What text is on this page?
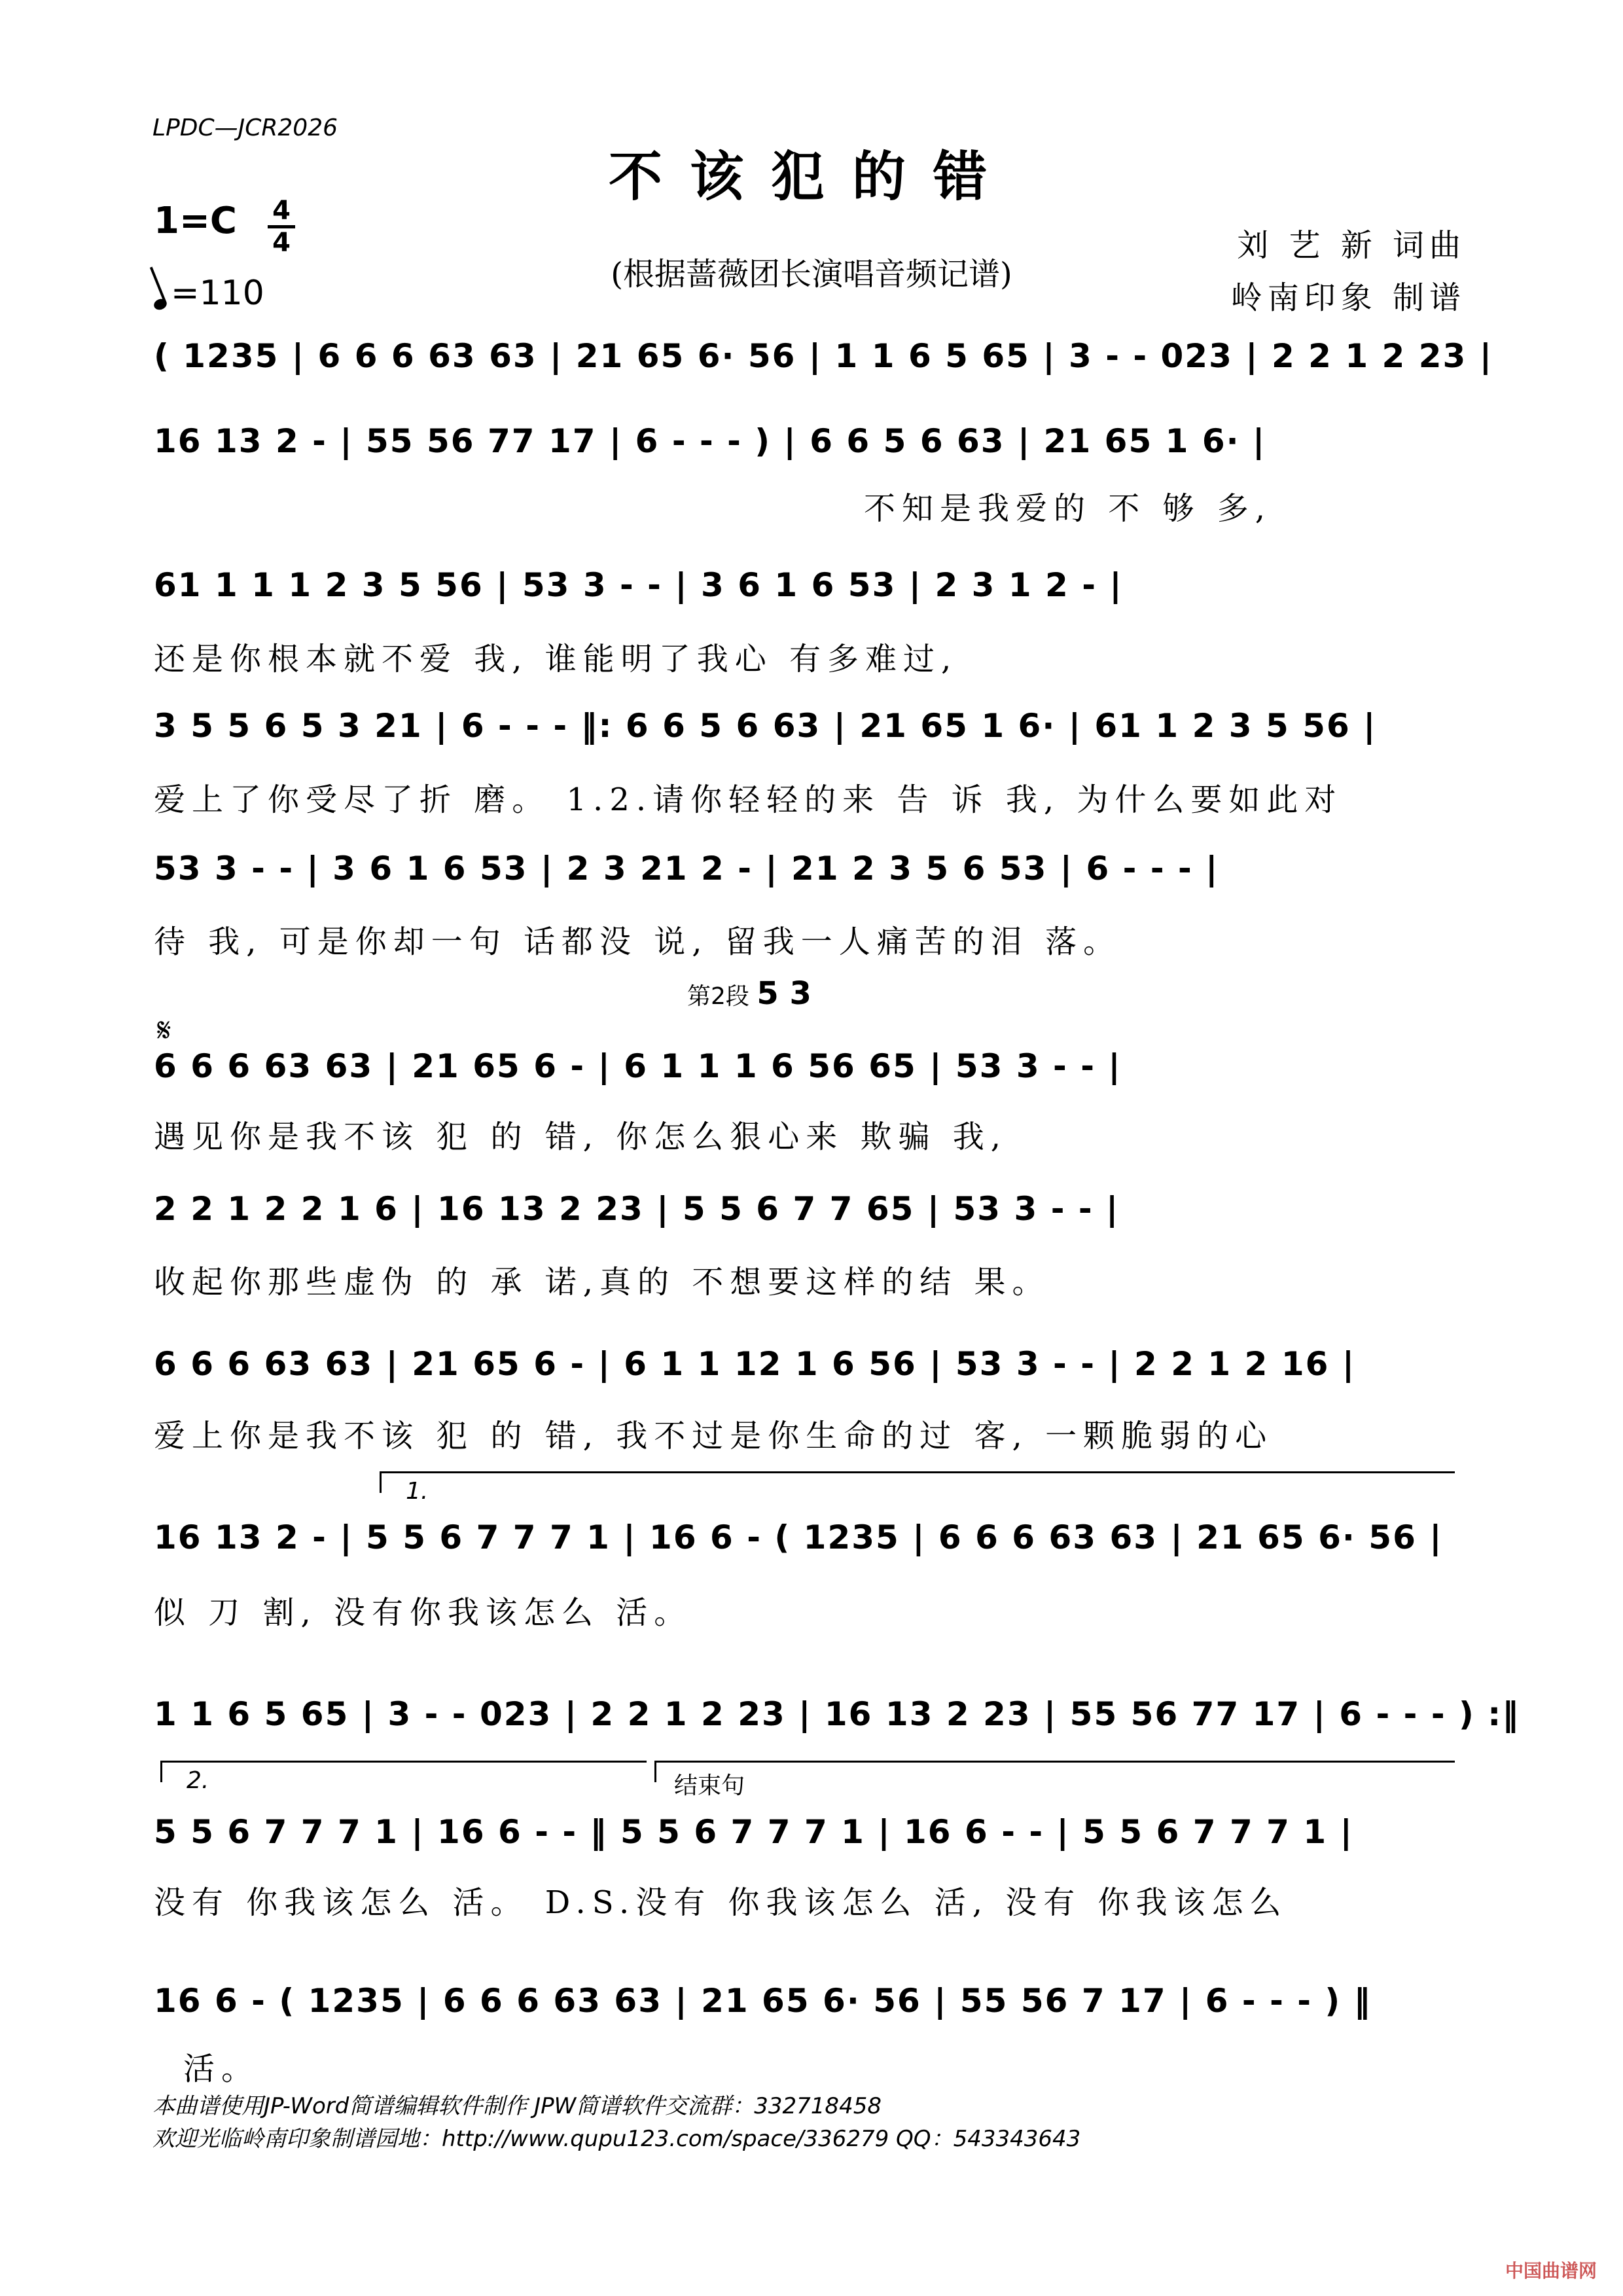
LPDC—JCR2026
不该犯的错
1=C 4
4
=110	(根据蔷薇团长演唱音频记谱)
刘 艺 新 词曲
岭南印象 制谱
( 1235 | 6 6 6 63 63 | 21 65 6· 56 | 1 1 6 5 65 | 3 - - 023 | 2 2 1 2 23 |
16 13 2 - | 55 56 77 17 | 6 - - - ) | 6 6 5 6 63 | 21 65 1 6· |
不知是我爱的 不 够 多,
61 1 1 1 2 3 5 56 | 53 3 - - | 3 6 1 6 53 | 2 3 1 2 - |
还是你根本就不爱 我, 谁能明了我心 有多难过,
3 5 5 6 5 3 21 | 6 - - - ‖: 6 6 5 6 63 | 21 65 1 6· | 61 1 2 3 5 56 |
爱上了你受尽了折 磨。 1.2.请你轻轻的来 告 诉 我, 为什么要如此对
53 3 - - | 3 6 1 6 53 | 2 3 21 2 - | 21 2 3 5 6 53 | 6 - - - |
待 我, 可是你却一句 话都没 说, 留我一人痛苦的泪 落。
第2段 5 3
𝄋
6 6 6 63 63 | 21 65 6 - | 6 1 1 1 6 56 65 | 53 3 - - |
遇见你是我不该 犯 的 错, 你怎么狠心来 欺骗 我,
2 2 1 2 2 1 6 | 16 13 2 23 | 5 5 6 7 7 65 | 53 3 - - |
收起你那些虚伪 的 承 诺,真的 不想要这样的结 果。
6 6 6 63 63 | 21 65 6 - | 6 1 1 12 1 6 56 | 53 3 - - | 2 2 1 2 16 |
爱上你是我不该 犯 的 错, 我不过是你生命的过 客, 一颗脆弱的心
1.
16 13 2 - | 5 5 6 7 7 7 1 | 16 6 - ( 1235 | 6 6 6 63 63 | 21 65 6· 56 |
似 刀 割, 没有你我该怎么 活。
1 1 6 5 65 | 3 - - 023 | 2 2 1 2 23 | 16 13 2 23 | 55 56 77 17 | 6 - - - ) :‖
2.	结束句
5 5 6 7 7 7 1 | 16 6 - - ‖ 5 5 6 7 7 7 1 | 16 6 - - | 5 5 6 7 7 7 1 |
没有 你我该怎么 活。 D.S.没有 你我该怎么 活, 没有 你我该怎么
16 6 - ( 1235 | 6 6 6 63 63 | 21 65 6· 56 | 55 56 7 17 | 6 - - - ) ‖
活。
本曲谱使用JP-Word简谱编辑软件制作 JPW简谱软件交流群：332718458
欢迎光临岭南印象制谱园地：http://www.qupu123.com/space/336279 QQ：543343643
中国曲谱网
